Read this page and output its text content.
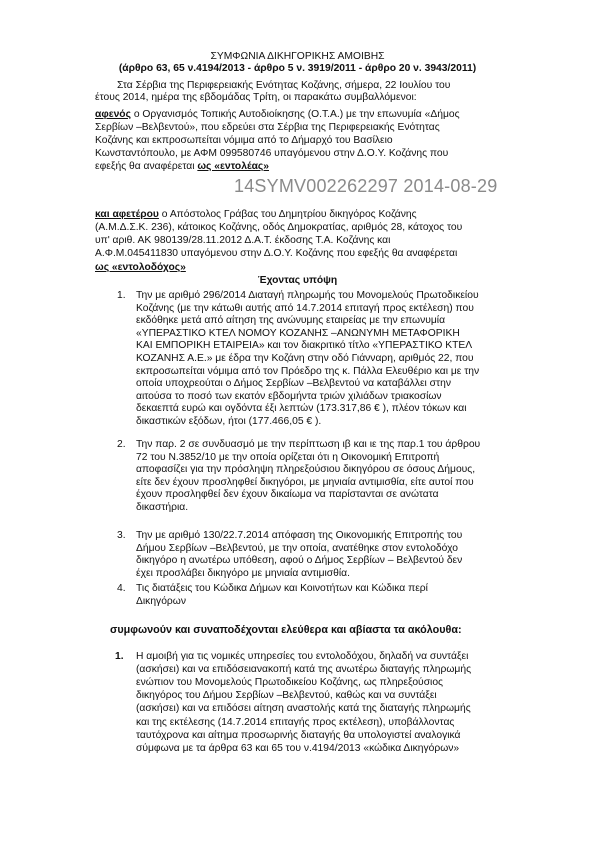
ΣΥΜΦΩΝΙΑ ΔΙΚΗΓΟΡΙΚΗΣ ΑΜΟΙΒΗΣ
(άρθρο 63, 65 ν.4194/2013 - άρθρο 5 ν. 3919/2011 - άρθρο 20 ν. 3943/2011)
Στα Σέρβια της Περιφερειακής Ενότητας Κοζάνης, σήμερα, 22 Ιουλίου του
έτους 2014, ημέρα της εβδομάδας Τρίτη, οι παρακάτω συμβαλλόμενοι:
αφενός ο Οργανισμός Τοπικής Αυτοδιοίκησης (Ο.Τ.Α.) με την επωνυμία «Δήμος
Σερβίων –Βελβεντού», που εδρεύει στα Σέρβια της Περιφερειακής Ενότητας
Κοζάνης και εκπροσωπείται νόμιμα από το Δήμαρχό του Βασίλειο
Κωνσταντόπουλο, με ΑΦΜ 099580746 υπαγόμενου στην Δ.Ο.Υ. Κοζάνης που
εφεξής θα αναφέρεται ως «εντολέας»
14SYMV002262297 2014-08-29
και αφετέρου ο Απόστολος Γράβας του Δημητρίου δικηγόρος Κοζάνης
(Α.Μ.Δ.Σ.Κ. 236), κάτοικος Κοζάνης, οδός Δημοκρατίας, αριθμός 28, κάτοχος του
υπ' αριθ. ΑΚ 980139/28.11.2012 Δ.Α.Τ. έκδοσης Τ.Α. Κοζάνης και
Α.Φ.Μ.045411830 υπαγόμενου στην Δ.Ο.Υ. Κοζάνης που εφεξής θα αναφέρεται
ως «εντολοδόχος»
Έχοντας υπόψη
1. Την με αριθμό 296/2014 Διαταγή πληρωμής του Μονομελούς Πρωτοδικείου
Κοζάνης (με την κάτωθι αυτής από 14.7.2014 επιταγή προς εκτέλεση) που
εκδόθηκε μετά από αίτηση της ανώνυμης εταιρείας με την επωνυμία
«ΥΠΕΡΑΣΤΙΚΟ ΚΤΕΛ ΝΟΜΟΥ ΚΟΖΑΝΗΣ –ΑΝΩΝΥΜΗ ΜΕΤΑΦΟΡΙΚΗ
ΚΑΙ ΕΜΠΟΡΙΚΗ ΕΤΑΙΡΕΙΑ» και τον διακριτικό τίτλο «ΥΠΕΡΑΣΤΙΚΟ ΚΤΕΛ
ΚΟΖΑΝΗΣ Α.Ε.» με έδρα την Κοζάνη στην οδό Γιάνναρη, αριθμός 22, που
εκπροσωπείται νόμιμα από τον Πρόεδρο της κ. Πάλλα Ελευθέριο και με την
οποία υποχρεούται ο Δήμος Σερβίων –Βελβεντού να καταβάλλει στην
αιτούσα το ποσό των εκατόν εβδομήντα τριών χιλιάδων τριακοσίων
δεκαεπτά ευρώ και ογδόντα έξι λεπτών (173.317,86 € ), πλέον τόκων και
δικαστικών εξόδων, ήτοι (177.466,05 € ).
2. Την παρ. 2 σε συνδυασμό με την περίπτωση ιβ και ιε της παρ.1 του άρθρου
72 του Ν.3852/10 με την οποία ορίζεται ότι η Οικονομική Επιτροπή
αποφασίζει για την πρόσληψη πληρεξούσιου δικηγόρου σε όσους Δήμους,
είτε δεν έχουν προσληφθεί δικηγόροι, με μηνιαία αντιμισθία, είτε αυτοί που
έχουν προσληφθεί δεν έχουν δικαίωμα να παρίστανται σε ανώτατα
δικαστήρια.
3. Την με αριθμό 130/22.7.2014 απόφαση της Οικονομικής Επιτροπής του
Δήμου Σερβίων –Βελβεντού, με την οποία, ανατέθηκε στον εντολοδόχο
δικηγόρο η ανωτέρω υπόθεση, αφού ο Δήμος Σερβίων – Βελβεντού δεν
έχει προσλάβει δικηγόρο με μηνιαία αντιμισθία.
4. Τις διατάξεις του Κώδικα Δήμων και Κοινοτήτων και Κώδικα περί
Δικηγόρων
συμφωνούν και συναποδέχονται ελεύθερα και αβίαστα τα ακόλουθα:
1. Η αμοιβή για τις νομικές υπηρεσίες του εντολοδόχου, δηλαδή να συντάξει
(ασκήσει) και να επιδόσειανακοπή κατά της ανωτέρω διαταγής πληρωμής
ενώπιον του Μονομελούς Πρωτοδικείου Κοζάνης, ως πληρεξούσιος
δικηγόρος του Δήμου Σερβίων –Βελβεντού, καθώς και να συντάξει
(ασκήσει) και να επιδόσει αίτηση αναστολής κατά της διαταγής πληρωμής
και της εκτέλεσης (14.7.2014 επιταγής προς εκτέλεση), υποβάλλοντας
ταυτόχρονα και αίτημα προσωρινής διαταγής θα υπολογιστεί αναλογικά
σύμφωνα με τα άρθρα 63 και 65 του ν.4194/2013 «κώδικα Δικηγόρων»
